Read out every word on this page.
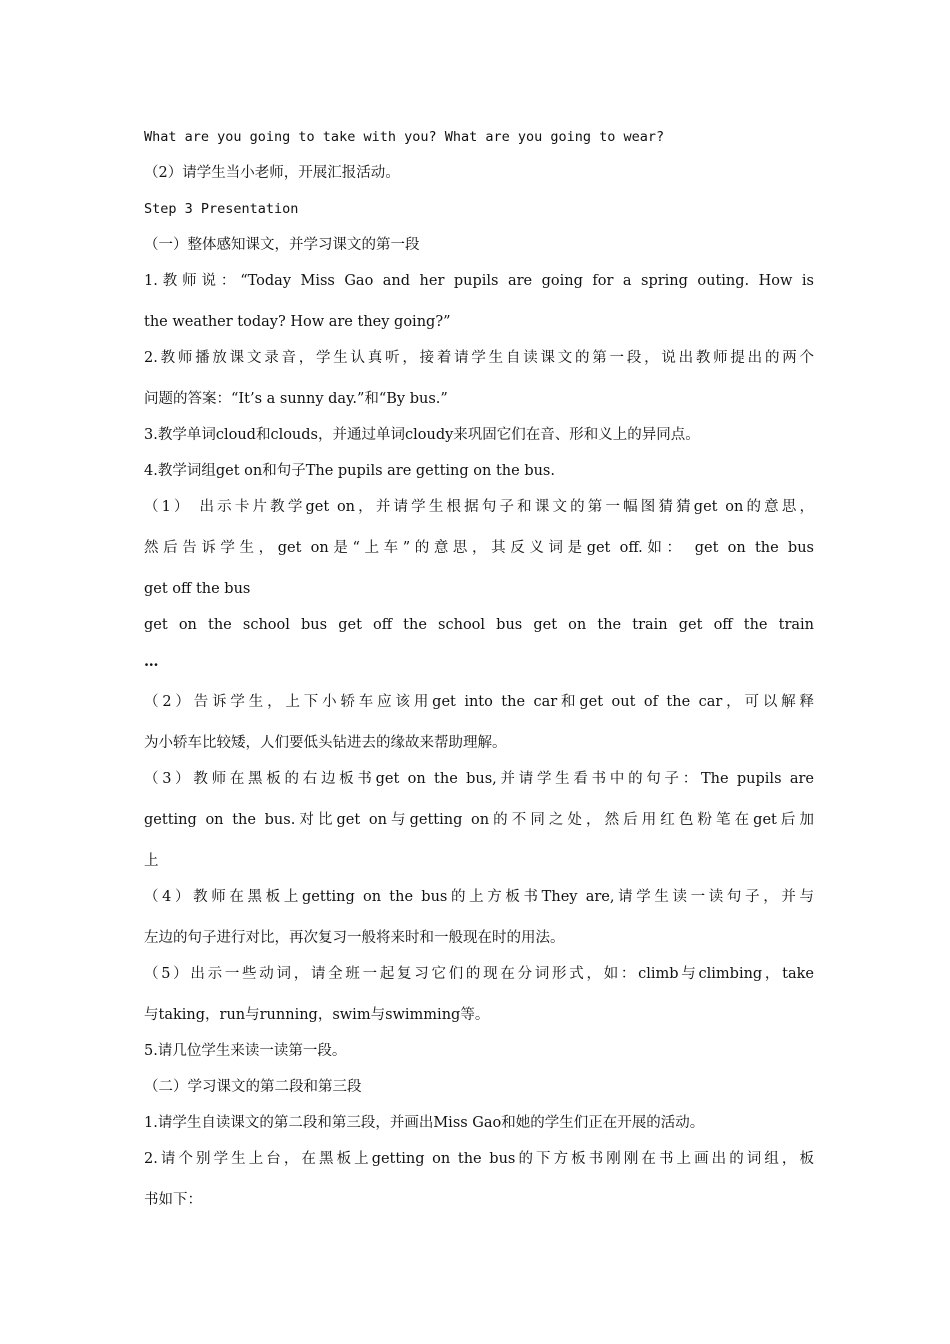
What are you going to take with you? What are you going to wear?
（2）请学生当小老师，开展汇报活动。
Step 3 Presentation
（一）整体感知课文，并学习课文的第一段
1.教师说：“Today Miss Gao and her pupils are going for a spring outing. How is
the weather today? How are they going?”
2.教师播放课文录音，学生认真听，接着请学生自读课文的第一段，说出教师提出的两个
问题的答案：“It’s a sunny day.”和“By bus.”
3.教学单词cloud和clouds，并通过单词cloudy来巩固它们在音、形和义上的异同点。
4.教学词组get on和句子The pupils are getting on the bus.
（1） 出示卡片教学get on，并请学生根据句子和课文的第一幅图猜猜get on的意思，
然后告诉学生，get on是“上车”的意思，其反义词是get off.如： get on the bus
get off the bus
get on the school bus get off the school bus get on the train get off the train
…
（2）告诉学生，上下小轿车应该用get into the car和get out of the car，可以解释
为小轿车比较矮，人们要低头钻进去的缘故来帮助理解。
（3）教师在黑板的右边板书get on the bus,并请学生看书中的句子：The pupils are
getting on the bus.对比get on与getting on的不同之处，然后用红色粉笔在get后加
上
（4）教师在黑板上getting on the bus的上方板书They are,请学生读一读句子，并与
左边的句子进行对比，再次复习一般将来时和一般现在时的用法。
（5）出示一些动词，请全班一起复习它们的现在分词形式，如：climb与climbing，take
与taking，run与running，swim与swimming等。
5.请几位学生来读一读第一段。
（二）学习课文的第二段和第三段
1.请学生自读课文的第二段和第三段，并画出Miss Gao和她的学生们正在开展的活动。
2.请个别学生上台，在黑板上getting on the bus的下方板书刚刚在书上画出的词组，板
书如下：
